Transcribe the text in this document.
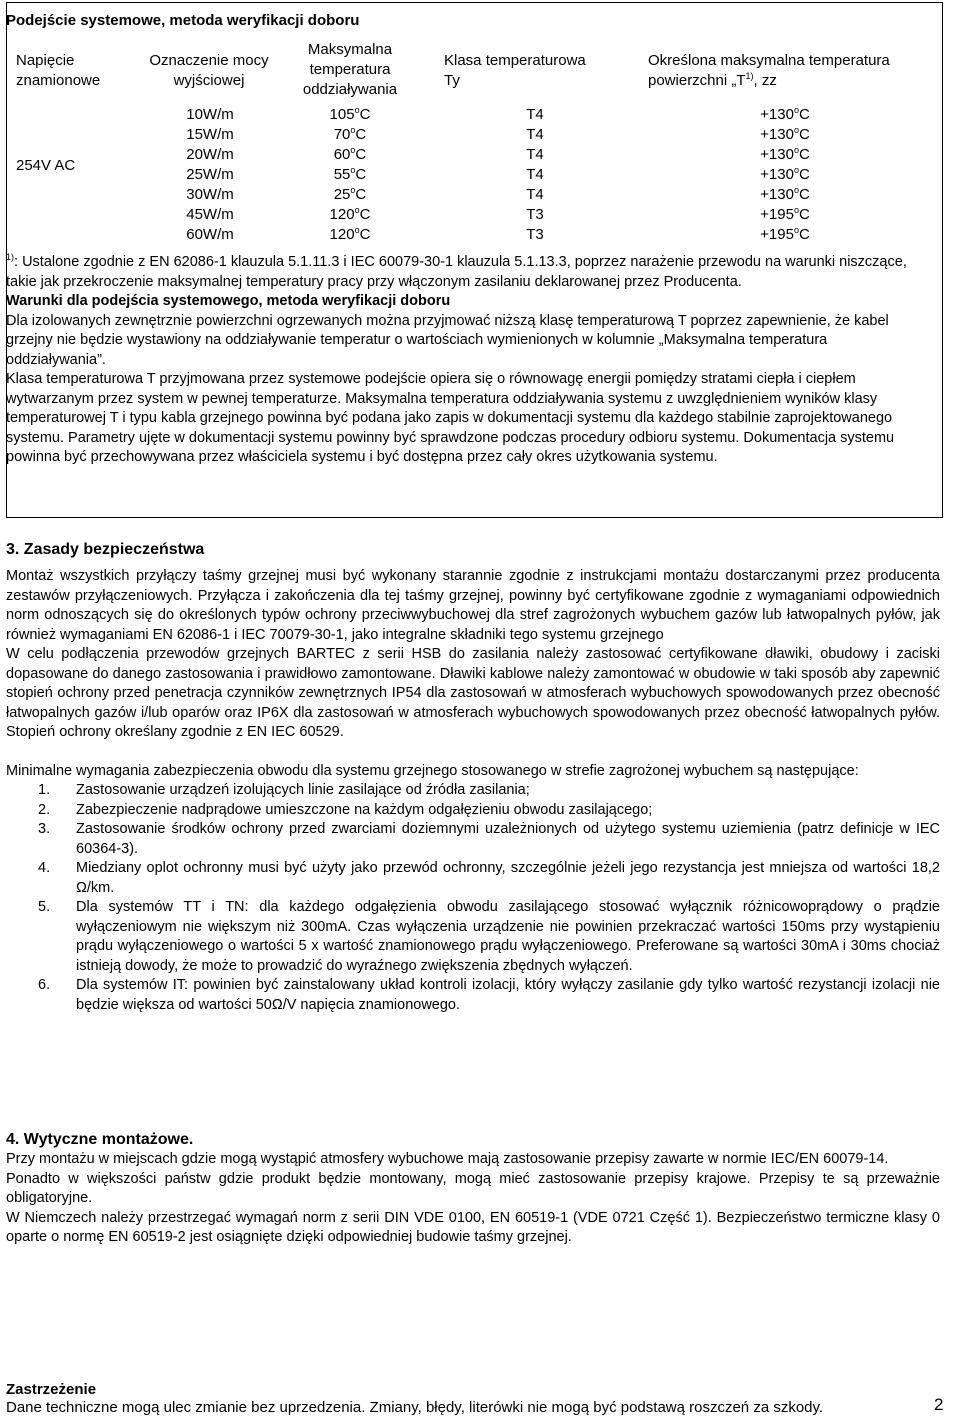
Podejście systemowe, metoda weryfikacji doboru
Napięcie
znamionowe
Oznaczenie mocy
wyjściowej
Maksymalna
temperatura
oddziaływania
Klasa temperaturowa
Ty
Określona maksymalna temperatura
powierzchni $„T^{1)}$, zz
254V AC
10W/m
15W/m
20W/m
25W/m
30W/m
45W/m
60W/m
105$^o$C
70$^o$C
60$^o$C
55$^o$C
25$^o$C
120$^o$C
120$^o$C
T4
T4
T4
T4
T4
T3
T3
$+130^oC$
$+130^oC$
$+130^oC$
$+130^oC$
$+130^oC$
$+195^oC$
$+195^oC$

$^{1)}$: Ustalone zgodnie z EN 62086-1 klauzula 5.1.11.3 i IEC 60079-30-1 klauzula 5.1.13.3, poprzez narażenie przewodu na warunki niszczące, takie jak przekroczenie maksymalnej temperatury pracy przy włączonym zasilaniu deklarowanej przez Producenta.

Warunki dla podejścia systemowego, metoda weryfikacji doboru

Dla izolowanych zewnętrznie powierzchni ogrzewanych można przyjmować niższą klasę temperaturową T poprzez zapewnienie, że kabel grzejny nie będzie wystawiony na oddziaływanie temperatur o wartościach wymienionych w kolumnie „Maksymalna temperatura oddziaływania”.

Klasa temperaturowa T przyjmowana przez systemowe podejście opiera się o równowagę energii pomiędzy stratami ciepła i ciepłem wytwarzanym przez system w pewnej temperaturze. Maksymalna temperatura oddziaływania systemu z uwzględnieniem wyników klasy temperaturowej T i typu kabla grzejnego powinna być podana jako zapis w dokumentacji systemu dla każdego stabilnie zaprojektowanego systemu. Parametry ujęte w dokumentacji systemu powinny być sprawdzone podczas procedury odbioru systemu. Dokumentacja systemu powinna być przechowywana przez właściciela systemu i być dostępna przez cały okres użytkowania systemu.

3. Zasady bezpieczeństwa

Montaż wszystkich przyłączy taśmy grzejnej musi być wykonany starannie zgodnie z instrukcjami montażu dostarczanymi przez producenta zestawów przyłączeniowych. Przyłącza i zakończenia dla tej taśmy grzejnej, powinny być certyfikowane zgodnie z wymaganiami odpowiednich norm odnoszących się do określonych typów ochrony przeciwwybuchowej dla stref zagrożonych wybuchem gazów lub łatwopalnych pyłów, jak również wymaganiami EN 62086-1 i IEC 70079-30-1, jako integralne składniki tego systemu grzejnego

W celu podłączenia przewodów grzejnych BARTEC z serii HSB do zasilania należy zastosować certyfikowane dławiki, obudowy i zaciski dopasowane do danego zastosowania i prawidłowo zamontowane. Dławiki kablowe należy zamontować w obudowie w taki sposób aby zapewnić stopień ochrony przed penetracja czynników zewnętrznych IP54 dla zastosowań w atmosferach wybuchowych spowodowanych przez obecność łatwopalnych gazów i/lub oparów oraz IP6X dla zastosowań w atmosferach wybuchowych spowodowanych przez obecność łatwopalnych pyłów. Stopień ochrony określany zgodnie z EN IEC 60529.

Minimalne wymagania zabezpieczenia obwodu dla systemu grzejnego stosowanego w strefie zagrożonej wybuchem są następujące:

1. Zastosowanie urządzeń izolujących linie zasilające od źródła zasilania;
2. Zabezpieczenie nadprądowe umieszczone na każdym odgałęzieniu obwodu zasilającego;
3. Zastosowanie środków ochrony przed zwarciami doziemnymi uzależnionych od użytego systemu uziemienia (patrz definicje w IEC 60364-3).
4. Miedziany oplot ochronny musi być użyty jako przewód ochronny, szczególnie jeżeli jego rezystancja jest mniejsza od wartości 18,2 Ω/km.
5. Dla systemów TT i TN: dla każdego odgałęzienia obwodu zasilającego stosować wyłącznik różnicowoprądowy o prądzie wyłączeniowym nie większym niż 300mA. Czas wyłączenia urządzenie nie powinien przekraczać wartości 150ms przy wystąpieniu prądu wyłączeniowego o wartości 5 x wartość znamionowego prądu wyłączeniowego. Preferowane są wartości 30mA i 30ms chociaż istnieją dowody, że może to prowadzić do wyraźnego zwiększenia zbędnych wyłączeń.
6. Dla systemów IT: powinien być zainstalowany układ kontroli izolacji, który wyłączy zasilanie gdy tylko wartość rezystancji izolacji nie będzie większa od wartości 50Ω/V napięcia znamionowego.
4. Wytyczne montażowe.

Przy montażu w miejscach gdzie mogą wystąpić atmosfery wybuchowe mają zastosowanie przepisy zawarte w normie IEC/EN 60079-14.

Ponadto w większości państw gdzie produkt będzie montowany, mogą mieć zastosowanie przepisy krajowe. Przepisy te są przeważnie obligatoryjne.

W Niemczech należy przestrzegać wymagań norm z serii DIN VDE 0100, EN 60519-1 (VDE 0721 Część 1). Bezpieczeństwo termiczne klasy 0 oparte o normę EN 60519-2 jest osiągnięte dzięki odpowiedniej budowie taśmy grzejnej.

Zastrzeżenie
Dane techniczne mogą ulec zmianie bez uprzedzenia. Zmiany, błędy, literówki nie mogą być podstawą roszczeń za szkody.	2
